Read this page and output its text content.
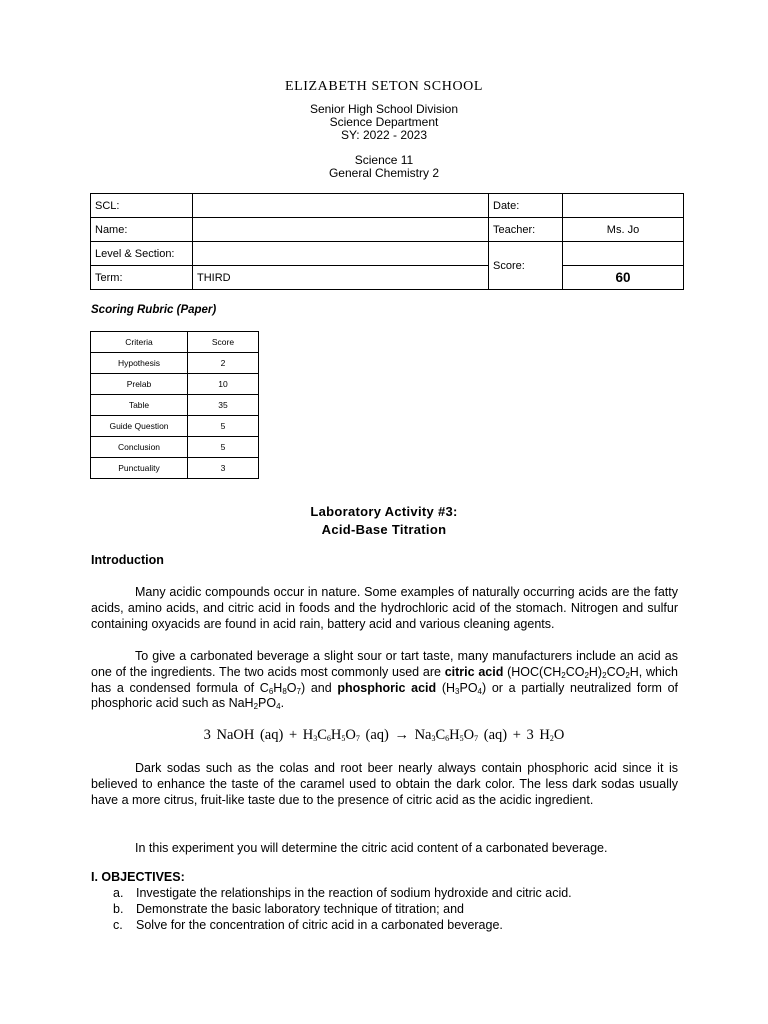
ELIZABETH SETON SCHOOL
Senior High School Division
Science Department
SY: 2022 - 2023
Science 11
General Chemistry 2
SCL:		Date:	
Name:		Teacher:	Ms. Jo
Level & Section:		Score:	
Term:	THIRD		60
Scoring Rubric (Paper)
Criteria	Score
Hypothesis	2
Prelab	10
Table	35
Guide Question	5
Conclusion	5
Punctuality	3
Laboratory Activity #3:
Acid-Base Titration
Introduction

Many acidic compounds occur in nature. Some examples of naturally occurring acids are the fatty acids, amino acids, and citric acid in foods and the hydrochloric acid of the stomach. Nitrogen and sulfur containing oxyacids are found in acid rain, battery acid and various cleaning agents.

To give a carbonated beverage a slight sour or tart taste, many manufacturers include an acid as one of the ingredients. The two acids most commonly used are citric acid ($HOC(CH_2CO_2H)_2CO_2H$, which has a condensed formula of $C_6H_8O_7$) and phosphoric acid $(H_3PO_4)$ or a partially neutralized form of phosphoric acid such as $NaH_2PO_4$.

3 NaOH $(aq) + H_3C_6H_5O_7$ $(aq) \to Na_3C_6H_5O_7$ (aq) + 3 $H_2O$

Dark sodas such as the colas and root beer nearly always contain phosphoric acid since it is believed to enhance the taste of the caramel used to obtain the dark color. The less dark sodas usually have a more citrus, fruit-like taste due to the presence of citric acid as the acidic ingredient.

In this experiment you will determine the citric acid content of a carbonated beverage.

I. OBJECTIVES:
a. Investigate the relationships in the reaction of sodium hydroxide and citric acid.
b. Demonstrate the basic laboratory technique of titration; and
c. Solve for the concentration of citric acid in a carbonated beverage.
